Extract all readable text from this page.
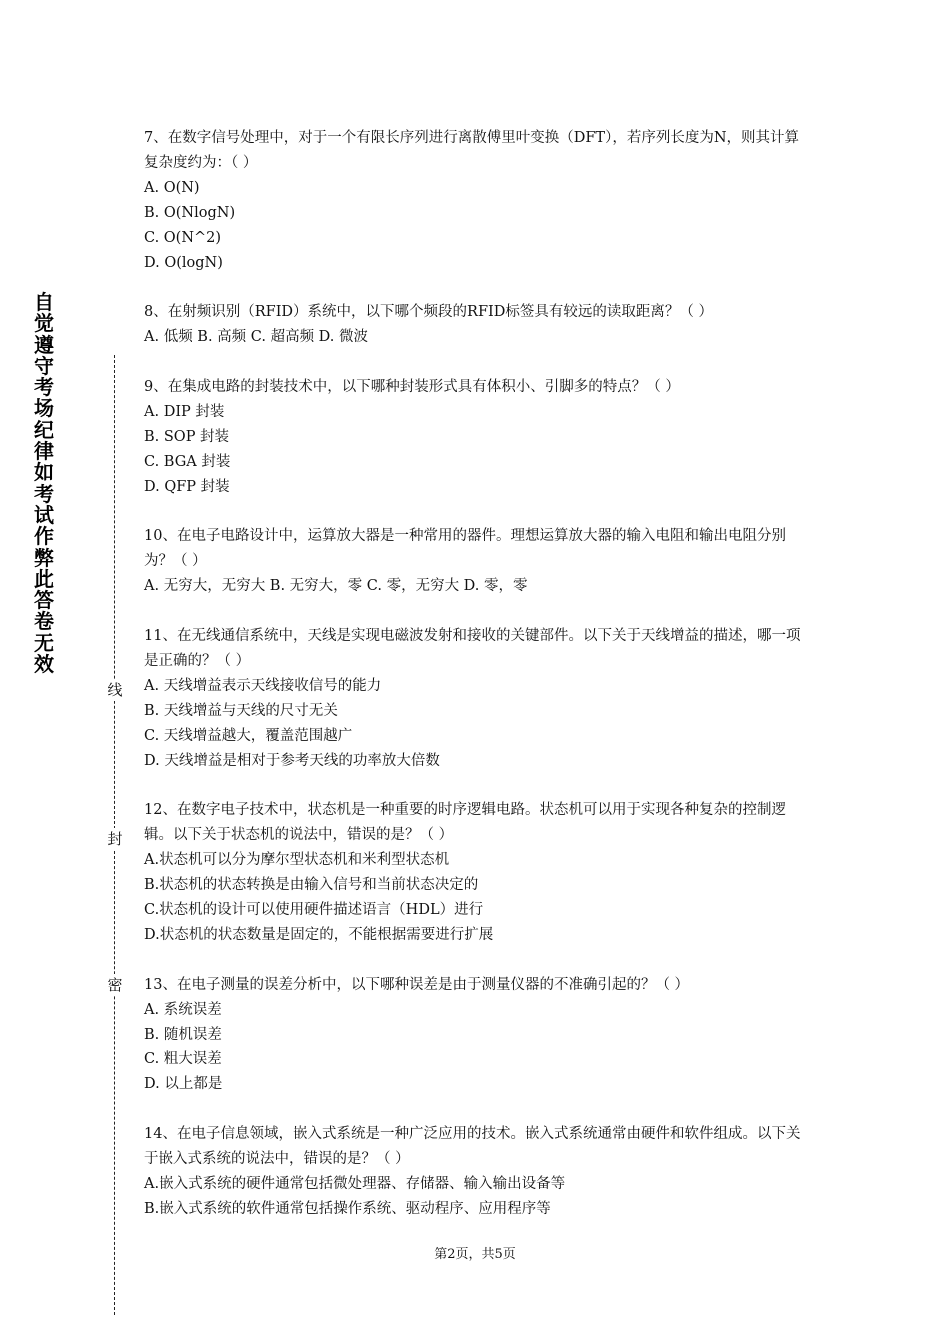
自觉遵守考场纪律如考试作弊此答卷无效
线
封
密

7、在数字信号处理中，对于一个有限长序列进行离散傅里叶变换（DFT），若序列长度为N，则其计算复杂度约为：（ ）

A. O(N)

B. O(NlogN)

C. O(N^2)

D. O(logN)

8、在射频识别（RFID）系统中，以下哪个频段的RFID标签具有较远的读取距离？（ ）

A. 低频 B. 高频 C. 超高频 D. 微波

9、在集成电路的封装技术中，以下哪种封装形式具有体积小、引脚多的特点？（ ）

A. DIP 封装

B. SOP 封装

C. BGA 封装

D. QFP 封装

10、在电子电路设计中，运算放大器是一种常用的器件。理想运算放大器的输入电阻和输出电阻分别为？（ ）

A. 无穷大，无穷大 B. 无穷大，零 C. 零，无穷大 D. 零，零

11、在无线通信系统中，天线是实现电磁波发射和接收的关键部件。以下关于天线增益的描述，哪一项是正确的？（ ）

A. 天线增益表示天线接收信号的能力

B. 天线增益与天线的尺寸无关

C. 天线增益越大，覆盖范围越广

D. 天线增益是相对于参考天线的功率放大倍数

12、在数字电子技术中，状态机是一种重要的时序逻辑电路。状态机可以用于实现各种复杂的控制逻辑。以下关于状态机的说法中，错误的是？（ ）

A.状态机可以分为摩尔型状态机和米利型状态机

B.状态机的状态转换是由输入信号和当前状态决定的

C.状态机的设计可以使用硬件描述语言（HDL）进行

D.状态机的状态数量是固定的，不能根据需要进行扩展

13、在电子测量的误差分析中，以下哪种误差是由于测量仪器的不准确引起的？（ ）

A. 系统误差

B. 随机误差

C. 粗大误差

D. 以上都是

14、在电子信息领域，嵌入式系统是一种广泛应用的技术。嵌入式系统通常由硬件和软件组成。以下关于嵌入式系统的说法中，错误的是？（ ）

A.嵌入式系统的硬件通常包括微处理器、存储器、输入输出设备等

B.嵌入式系统的软件通常包括操作系统、驱动程序、应用程序等

第2页，共5页
